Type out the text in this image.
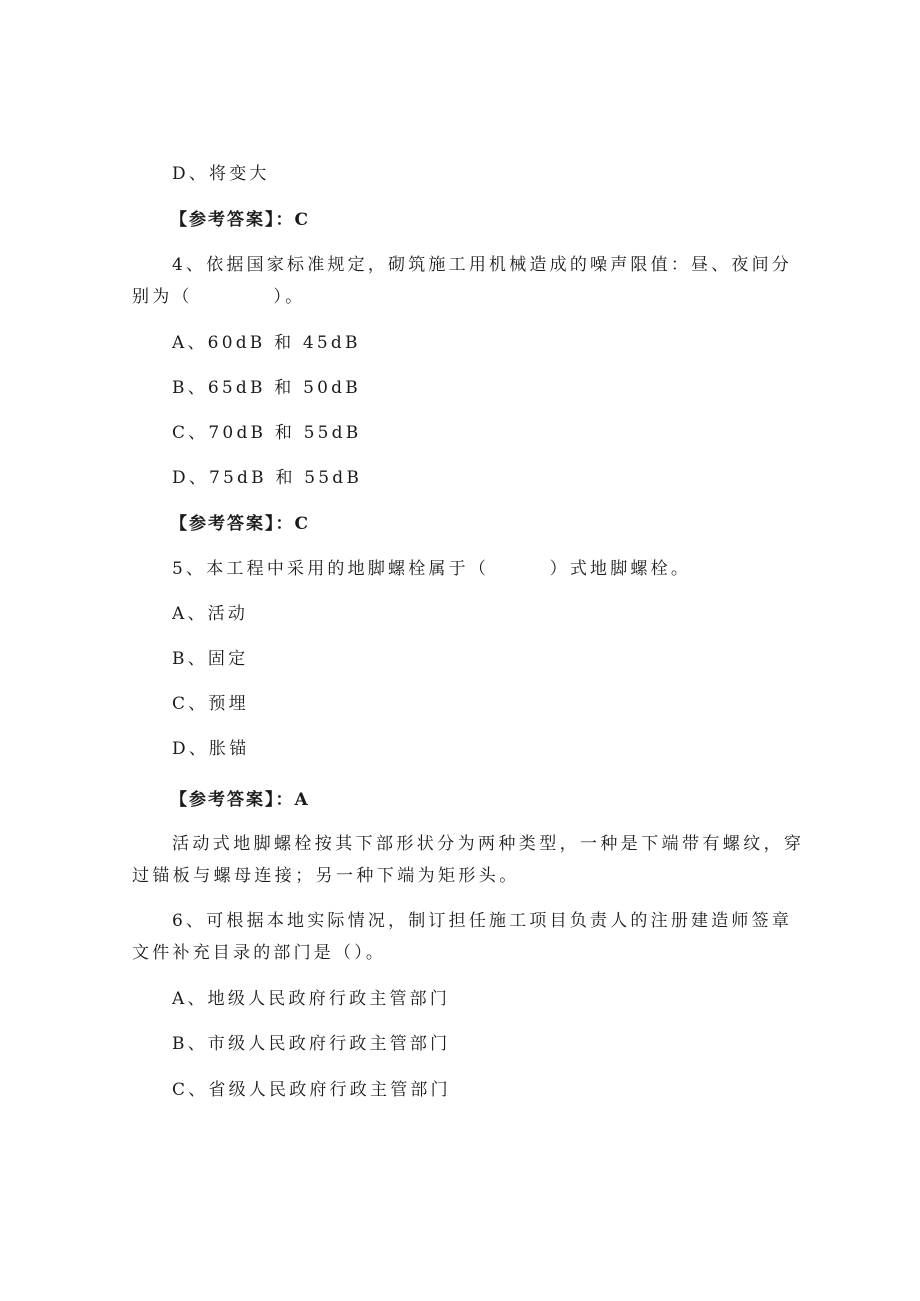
D、将变大
【参考答案】：C
4、依据国家标准规定，砌筑施工用机械造成的噪声限值：昼、夜间分
别为（　　　　）。
A、60dB 和 45dB
B、65dB 和 50dB
C、70dB 和 55dB
D、75dB 和 55dB
【参考答案】：C
5、本工程中采用的地脚螺栓属于（　　　）式地脚螺栓。
A、活动
B、固定
C、预埋
D、胀锚
【参考答案】：A
活动式地脚螺栓按其下部形状分为两种类型，一种是下端带有螺纹，穿
过锚板与螺母连接；另一种下端为矩形头。
6、可根据本地实际情况，制订担任施工项目负责人的注册建造师签章
文件补充目录的部门是（）。
A、地级人民政府行政主管部门
B、市级人民政府行政主管部门
C、省级人民政府行政主管部门
